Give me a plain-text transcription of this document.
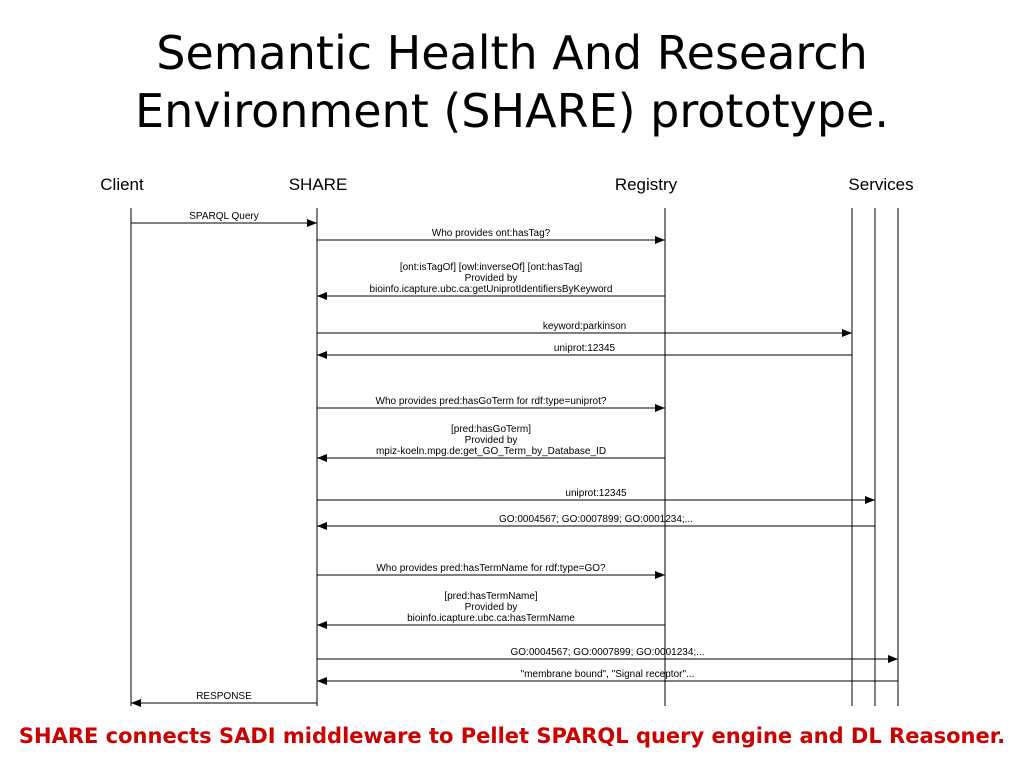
Semantic Health And Research
Environment (SHARE) prototype.
Client	SHARE	Registry	Services
SPARQL Query
Who provides ont:hasTag?
[ont:isTagOf] [owl:inverseOf] [ont:hasTag]
Provided by
bioinfo.icapture.ubc.ca:getUniprotIdentifiersByKeyword
keyword:parkinson
uniprot:12345
Who provides pred:hasGoTerm for rdf:type=uniprot?
[pred:hasGoTerm]
Provided by
mpiz-koeln.mpg.de:get_GO_Term_by_Database_ID
uniprot:12345
GO:0004567; GO:0007899; GO:0001234;...
Who provides pred:hasTermName for rdf:type=GO?
[pred:hasTermName]
Provided by
bioinfo.icapture.ubc.ca:hasTermName
GO:0004567; GO:0007899; GO:0001234;...
"membrane bound", "Signal receptor"...
RESPONSE
SHARE connects SADI middleware to Pellet SPARQL query engine and DL Reasoner.
